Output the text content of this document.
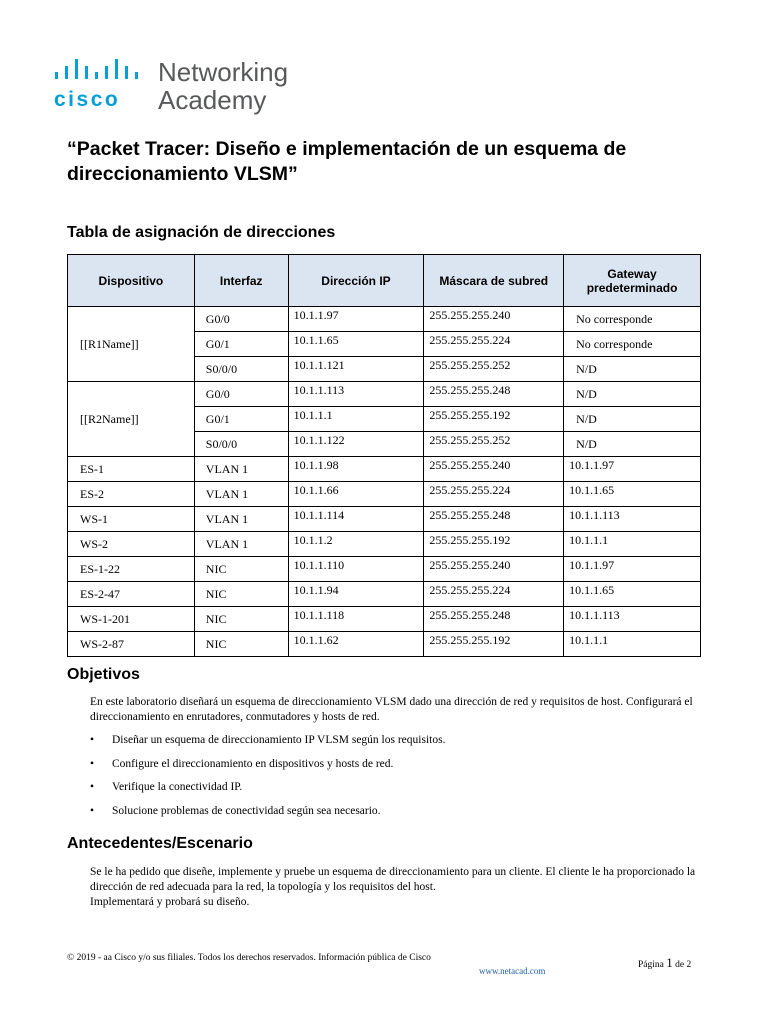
cisco
Networking
Academy
“Packet Tracer: Diseño e implementación de un esquema de direccionamiento VLSM”
Tabla de asignación de direcciones
Dispositivo	Interfaz	Dirección IP	Máscara de subred	Gateway predeterminado
[[R1Name]]	G0/0	10.1.1.97	255.255.255.240	No corresponde
	G0/1	10.1.1.65	255.255.255.224	No corresponde
	S0/0/0	10.1.1.121	255.255.255.252	N/D
[[R2Name]]	G0/0	10.1.1.113	255.255.255.248	N/D
	G0/1	10.1.1.1	255.255.255.192	N/D
	S0/0/0	10.1.1.122	255.255.255.252	N/D
ES-1	VLAN 1	10.1.1.98	255.255.255.240	10.1.1.97
ES-2	VLAN 1	10.1.1.66	255.255.255.224	10.1.1.65
WS-1	VLAN 1	10.1.1.114	255.255.255.248	10.1.1.113
WS-2	VLAN 1	10.1.1.2	255.255.255.192	10.1.1.1
ES-1-22	NIC	10.1.1.110	255.255.255.240	10.1.1.97
ES-2-47	NIC	10.1.1.94	255.255.255.224	10.1.1.65
WS-1-201	NIC	10.1.1.118	255.255.255.248	10.1.1.113
WS-2-87	NIC	10.1.1.62	255.255.255.192	10.1.1.1
Objetivos
En este laboratorio diseñará un esquema de direccionamiento VLSM dado una dirección de red y requisitos de host. Configurará el direccionamiento en enrutadores, conmutadores y hosts de red.
• Diseñar un esquema de direccionamiento IP VLSM según los requisitos.
• Configure el direccionamiento en dispositivos y hosts de red.
• Verifique la conectividad IP.
• Solucione problemas de conectividad según sea necesario.
Antecedentes/Escenario
Se le ha pedido que diseñe, implemente y pruebe un esquema de direccionamiento para un cliente. El cliente le ha proporcionado la dirección de red adecuada para la red, la topología y los requisitos del host.
Implementará y probará su diseño.
© 2019 - aa Cisco y/o sus filiales. Todos los derechos reservados. Información pública de Cisco
www.netacad.com
Página 1 de 2
